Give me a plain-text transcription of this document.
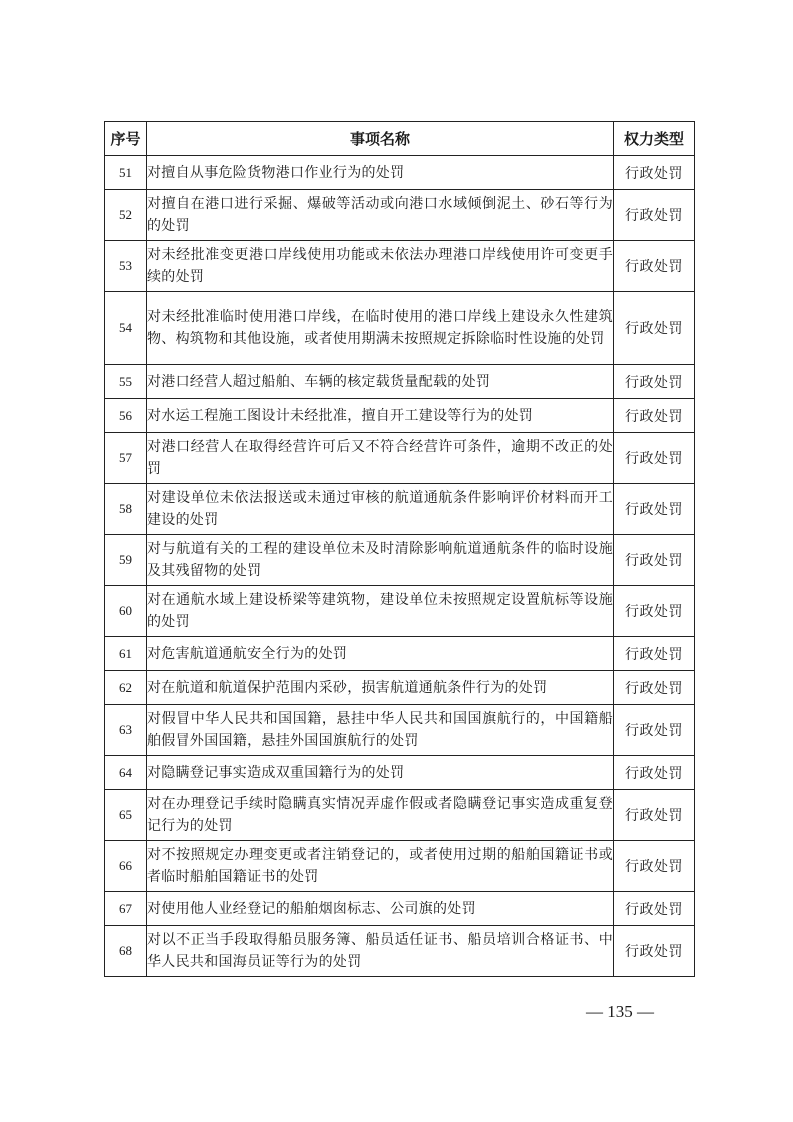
序号	事项名称	权力类型
51	对擅自从事危险货物港口作业行为的处罚	行政处罚
52	对擅自在港口进行采掘、爆破等活动或向港口水域倾倒泥土、砂石等行为的处罚	行政处罚
53	对未经批准变更港口岸线使用功能或未依法办理港口岸线使用许可变更手续的处罚	行政处罚
54	对未经批准临时使用港口岸线，在临时使用的港口岸线上建设永久性建筑物、构筑物和其他设施，或者使用期满未按照规定拆除临时性设施的处罚	行政处罚
55	对港口经营人超过船舶、车辆的核定载货量配载的处罚	行政处罚
56	对水运工程施工图设计未经批准，擅自开工建设等行为的处罚	行政处罚
57	对港口经营人在取得经营许可后又不符合经营许可条件，逾期不改正的处罚	行政处罚
58	对建设单位未依法报送或未通过审核的航道通航条件影响评价材料而开工建设的处罚	行政处罚
59	对与航道有关的工程的建设单位未及时清除影响航道通航条件的临时设施及其残留物的处罚	行政处罚
60	对在通航水域上建设桥梁等建筑物，建设单位未按照规定设置航标等设施的处罚	行政处罚
61	对危害航道通航安全行为的处罚	行政处罚
62	对在航道和航道保护范围内采砂，损害航道通航条件行为的处罚	行政处罚
63	对假冒中华人民共和国国籍，悬挂中华人民共和国国旗航行的，中国籍船舶假冒外国国籍，悬挂外国国旗航行的处罚	行政处罚
64	对隐瞒登记事实造成双重国籍行为的处罚	行政处罚
65	对在办理登记手续时隐瞒真实情况弄虚作假或者隐瞒登记事实造成重复登记行为的处罚	行政处罚
66	对不按照规定办理变更或者注销登记的，或者使用过期的船舶国籍证书或者临时船舶国籍证书的处罚	行政处罚
67	对使用他人业经登记的船舶烟囱标志、公司旗的处罚	行政处罚
68	对以不正当手段取得船员服务簿、船员适任证书、船员培训合格证书、中华人民共和国海员证等行为的处罚	行政处罚
— 135 —
